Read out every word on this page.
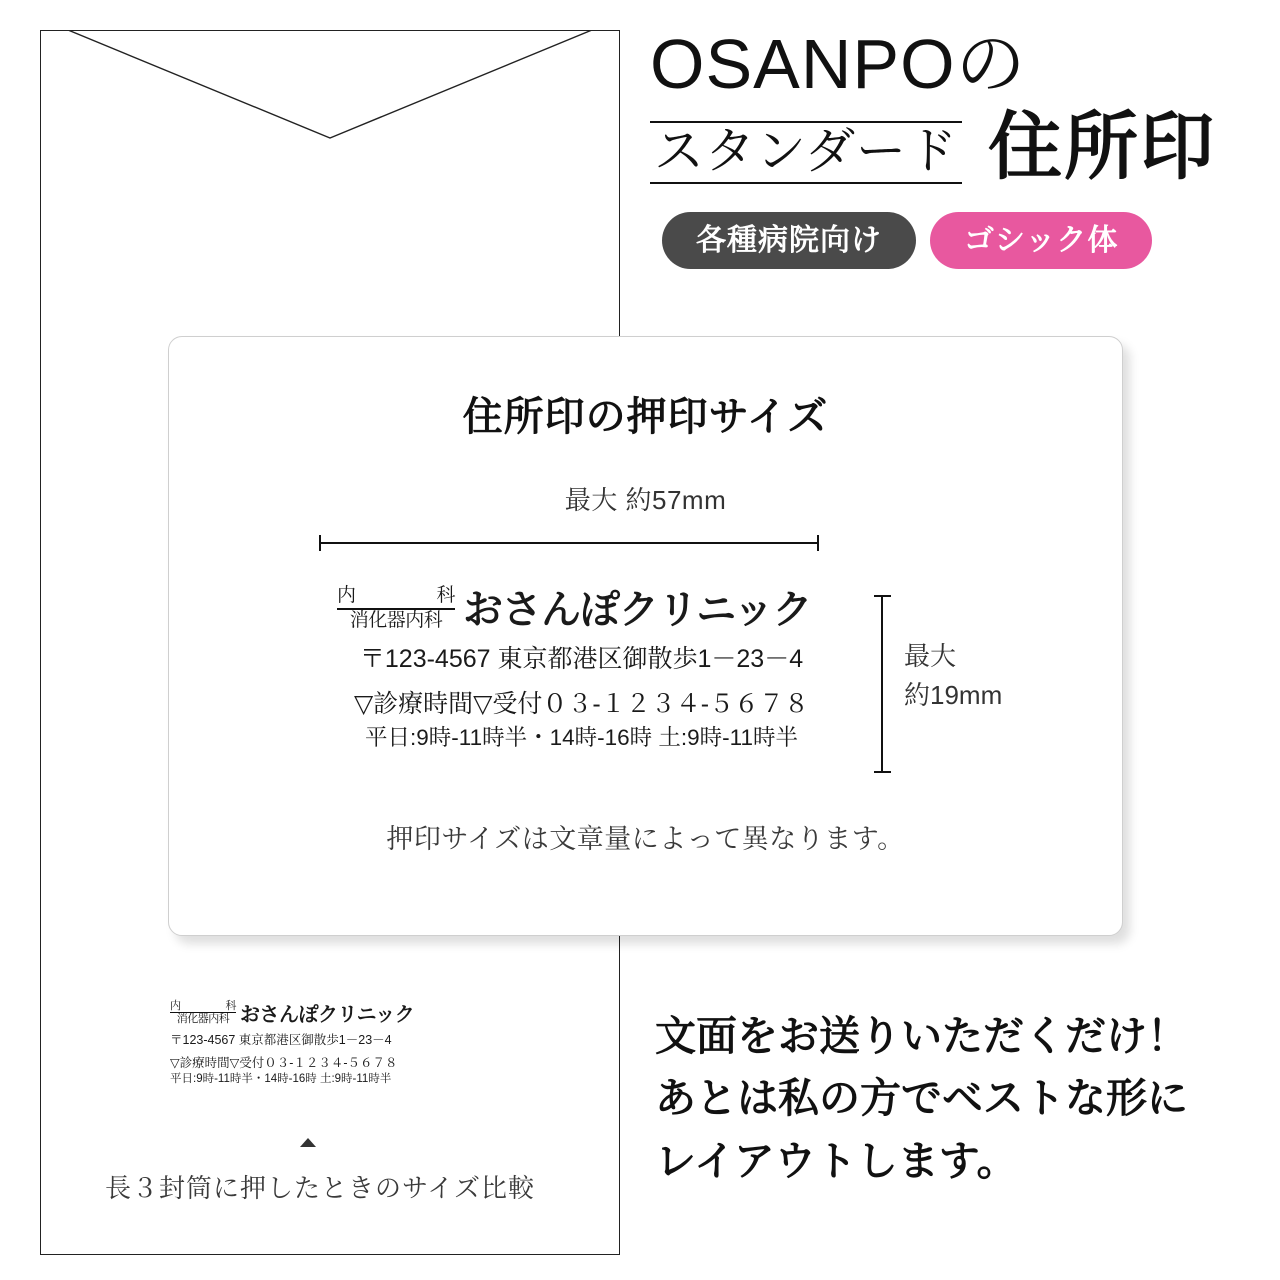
内	科
消化器内科 おさんぽクリニック
〒123-4567 東京都港区御散歩1－23－4
▽診療時間▽受付０３-１２３４-５６７８
平日:9時-11時半・14時-16時 土:9時-11時半
長３封筒に押したときのサイズ比較
OSANPOの
スタンダード 住所印
各種病院向け	ゴシック体
住所印の押印サイズ
最大 約57mm
内	科
消化器内科 おさんぽクリニック
〒123-4567 東京都港区御散歩1－23－4
▽診療時間▽受付０３-１２３４-５６７８
平日:9時-11時半・14時-16時 土:9時-11時半
最大
約19mm
押印サイズは文章量によって異なります。
文面をお送りいただくだけ！
あとは私の方でベストな形に
レイアウトします。
